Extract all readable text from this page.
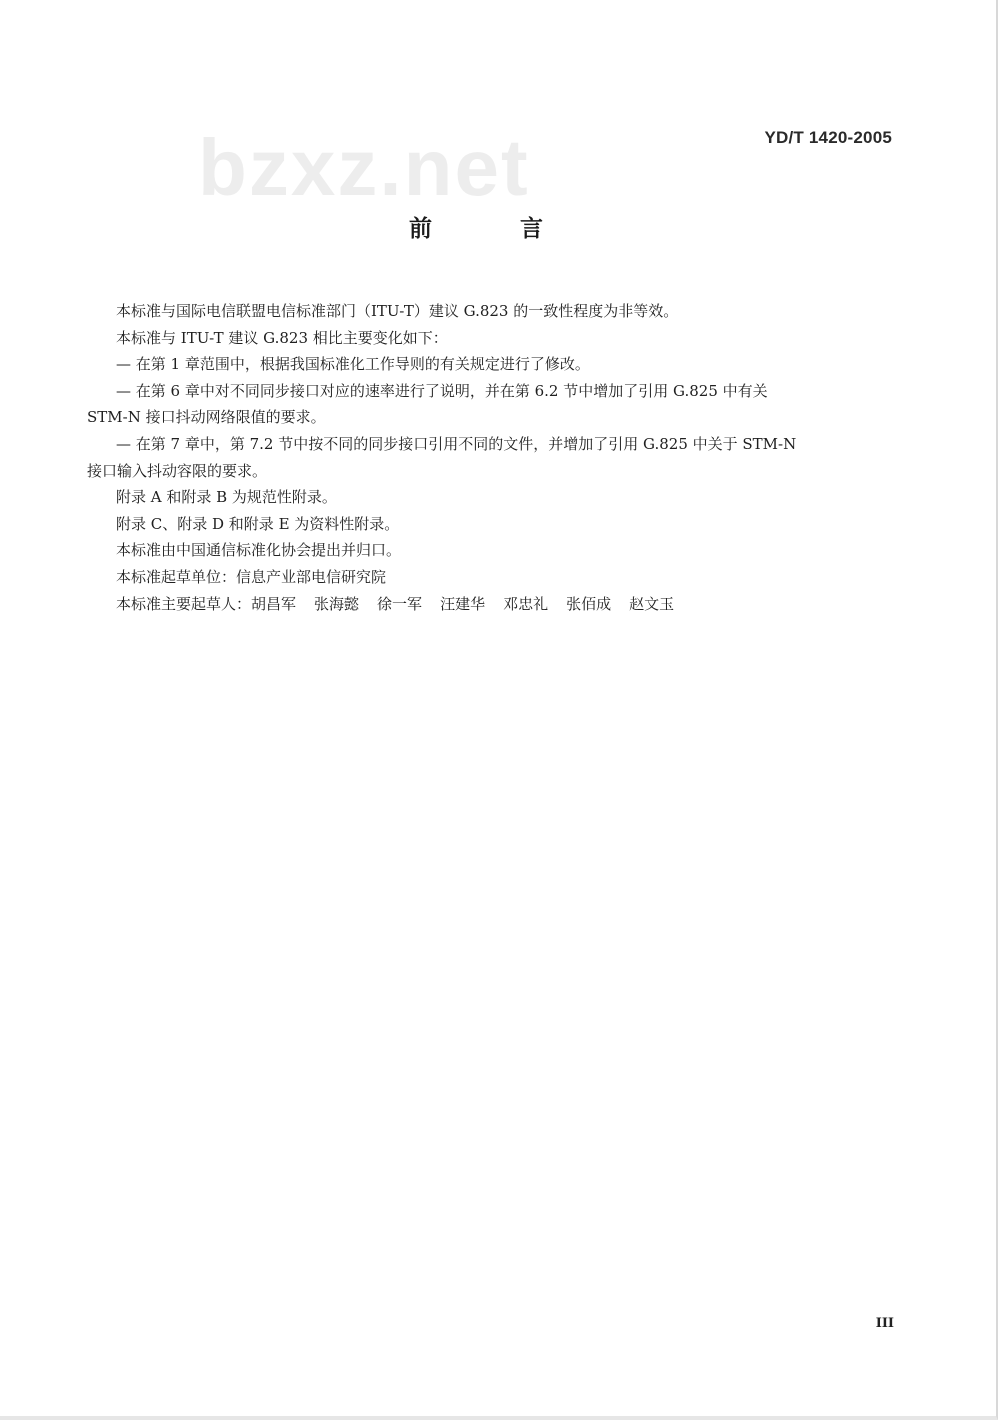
bzxz.net	YD/T 1420-2005
前言

本标准与国际电信联盟电信标准部门（ITU-T）建议 G.823 的一致性程度为非等效。

本标准与 ITU-T 建议 G.823 相比主要变化如下：

— 在第 1 章范围中，根据我国标准化工作导则的有关规定进行了修改。

— 在第 6 章中对不同同步接口对应的速率进行了说明，并在第 6.2 节中增加了引用 G.825 中有关

STM-N 接口抖动网络限值的要求。

— 在第 7 章中，第 7.2 节中按不同的同步接口引用不同的文件，并增加了引用 G.825 中关于 STM-N

接口输入抖动容限的要求。

附录 A 和附录 B 为规范性附录。

附录 C、附录 D 和附录 E 为资料性附录。

本标准由中国通信标准化协会提出并归口。

本标准起草单位：信息产业部电信研究院

本标准主要起草人：胡昌军 张海懿 徐一军 汪建华 邓忠礼 张佰成 赵文玉

III
